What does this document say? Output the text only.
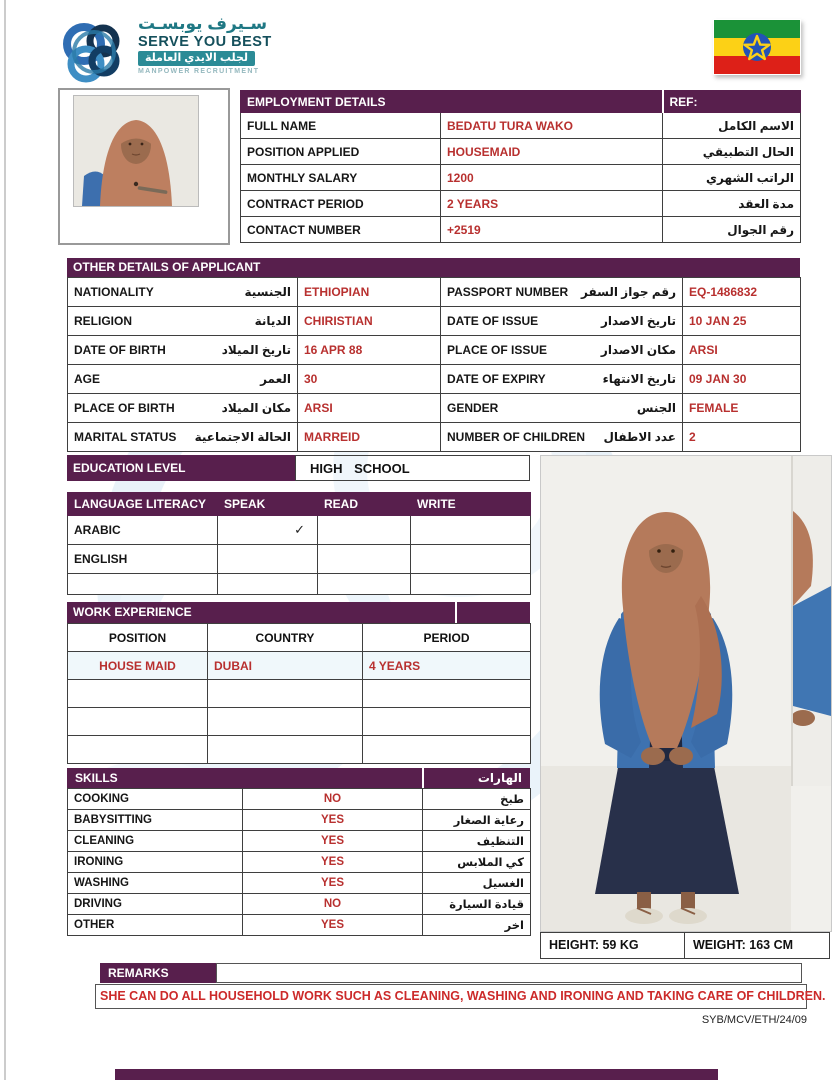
سـيرف يوبسـت
SERVE YOU BEST
لجلب الايدي العاملة
MANPOWER RECRUITMENT
EMPLOYMENT DETAILS		REF:
FULL NAME	BEDATU TURA WAKO	الاسم الكامل
POSITION APPLIED	HOUSEMAID	الحال التطبيقي
MONTHLY SALARY	1200	الراتب الشهري
CONTRACT PERIOD	2 YEARS	مدة العقد
CONTACT NUMBER	+2519	رقم الجوال
OTHER DETAILS OF APPLICANT
NATIONALITY الجنسية	ETHIOPIAN	PASSPORT NUMBER رقم جواز السفر	EQ-1486832

RELIGION الديانة	CHIRISTIAN	DATE OF ISSUE تاريخ الاصدار	10 JAN 25

DATE OF BIRTH تاريخ الميلاد	16 APR 88	PLACE OF ISSUE مكان الاصدار	ARSI

AGE العمر	30	DATE OF EXPIRY تاريخ الانتهاء	09 JAN 30

PLACE OF BIRTH مكان الميلاد	ARSI	GENDER الجنس	FEMALE

MARITAL STATUS الحالة الاجتماعية	MARREID	NUMBER OF CHILDREN عدد الاطفال	2
EDUCATION LEVEL	HIGH SCHOOL
LANGUAGE LITERACY	SPEAK	READ	WRITE
ARABIC	✓		
ENGLISH			

WORK EXPERIENCE
POSITION	COUNTRY	PERIOD
HOUSE MAID	DUBAI	4 YEARS

SKILLS	الهارات
COOKING	NO	طبخ
BABYSITTING	YES	رعاية الصغار
CLEANING	YES	التنظيف
IRONING	YES	كي الملابس
WASHING	YES	الغسيل
DRIVING	NO	قيادة السيارة
OTHER	YES	اخر
HEIGHT: 59 KG	WEIGHT: 163 CM
REMARKS
SHE CAN DO ALL HOUSEHOLD WORK SUCH AS CLEANING, WASHING AND IRONING AND TAKING CARE OF CHILDREN.
SYB/MCV/ETH/24/09
